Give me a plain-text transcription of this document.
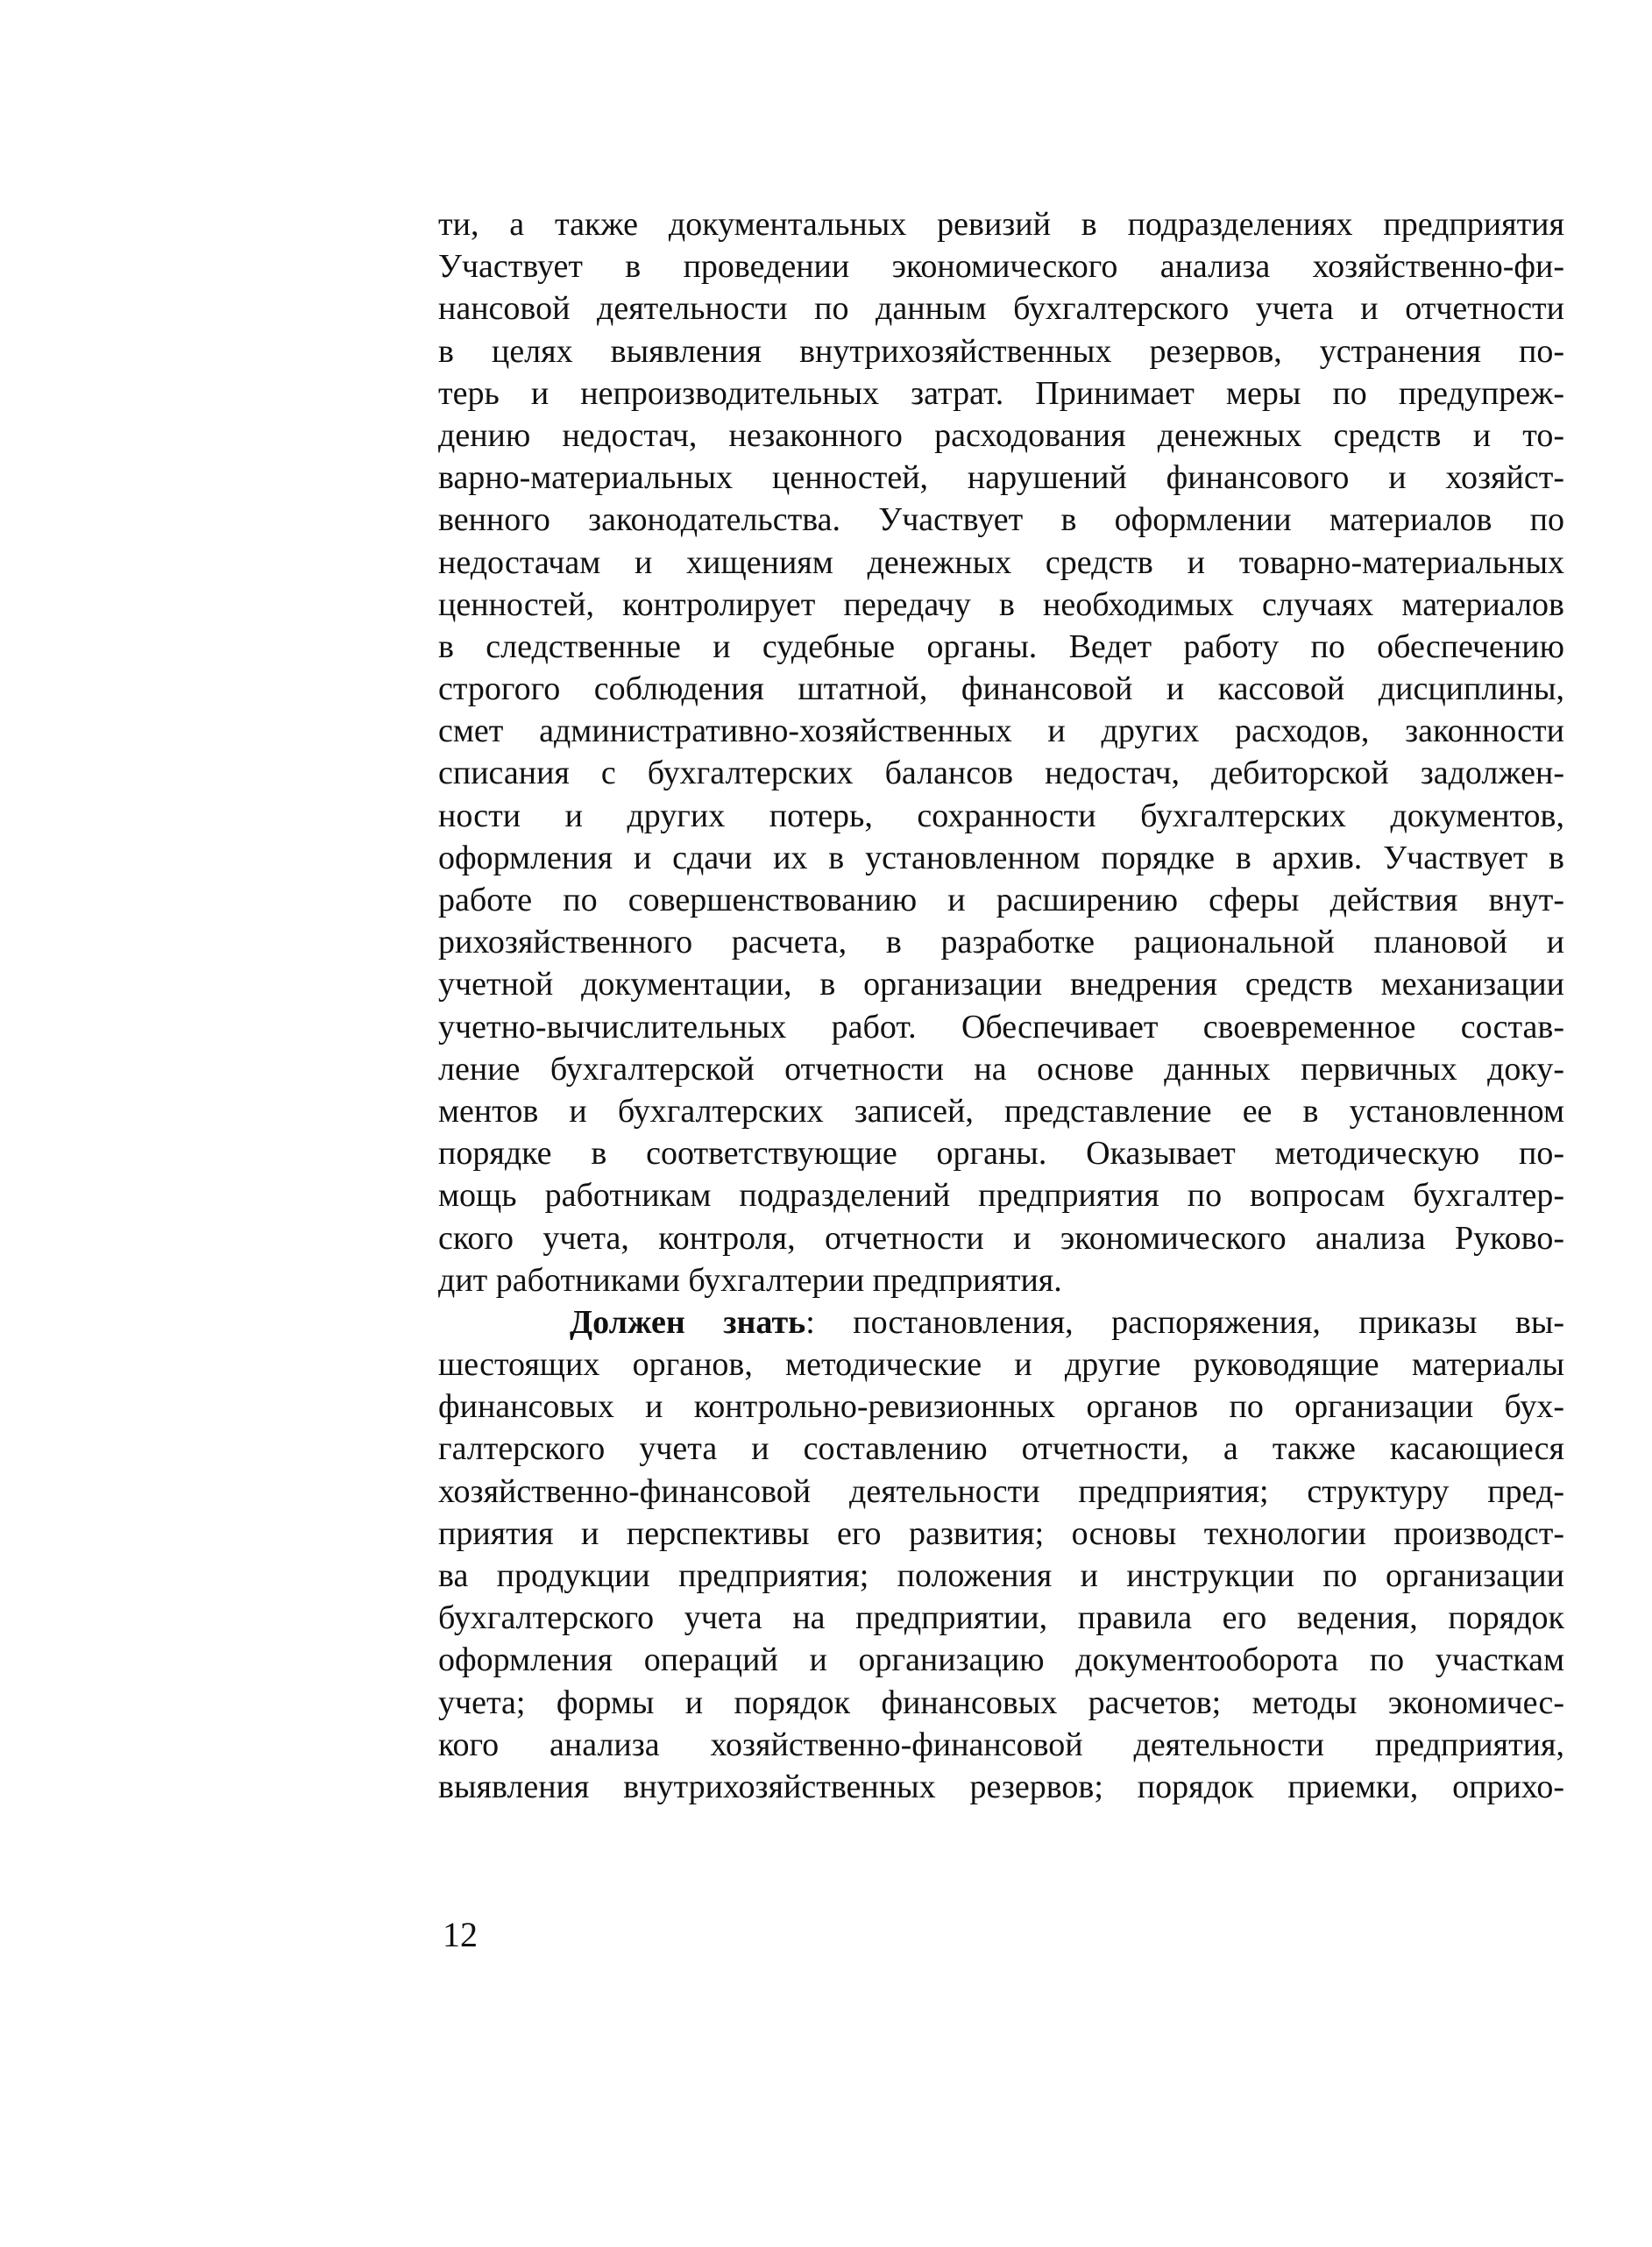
ти, а также документальных ревизий в подразделениях предприятия
Участвует в проведении экономического анализа хозяйственно-фи-
нансовой деятельности по данным бухгалтерского учета и отчетности
в целях выявления внутрихозяйственных резервов, устранения по-
терь и непроизводительных затрат. Принимает меры по предупреж-
дению недостач, незаконного расходования денежных средств и то-
варно-материальных ценностей, нарушений финансового и хозяйст-
венного законодательства. Участвует в оформлении материалов по
недостачам и хищениям денежных средств и товарно-материальных
ценностей, контролирует передачу в необходимых случаях материалов
в следственные и судебные органы. Ведет работу по обеспечению
строгого соблюдения штатной, финансовой и кассовой дисциплины,
смет административно-хозяйственных и других расходов, законности
списания с бухгалтерских балансов недостач, дебиторской задолжен-
ности и других потерь, сохранности бухгалтерских документов,
оформления и сдачи их в установленном порядке в архив. Участвует в
работе по совершенствованию и расширению сферы действия внут-
рихозяйственного расчета, в разработке рациональной плановой и
учетной документации, в организации внедрения средств механизации
учетно-вычислительных работ. Обеспечивает своевременное состав-
ление бухгалтерской отчетности на основе данных первичных доку-
ментов и бухгалтерских записей, представление ее в установленном
порядке в соответствующие органы. Оказывает методическую по-
мощь работникам подразделений предприятия по вопросам бухгалтер-
ского учета, контроля, отчетности и экономического анализа Руково-
дит работниками бухгалтерии предприятия.
Должен знать: постановления, распоряжения, приказы вы-
шестоящих органов, методические и другие руководящие материалы
финансовых и контрольно-ревизионных органов по организации бух-
галтерского учета и составлению отчетности, а также касающиеся
хозяйственно-финансовой деятельности предприятия; структуру пред-
приятия и перспективы его развития; основы технологии производст-
ва продукции предприятия; положения и инструкции по организации
бухгалтерского учета на предприятии, правила его ведения, порядок
оформления операций и организацию документооборота по участкам
учета; формы и порядок финансовых расчетов; методы экономичес-
кого анализа хозяйственно-финансовой деятельности предприятия,
выявления внутрихозяйственных резервов; порядок приемки, оприхо-
12
